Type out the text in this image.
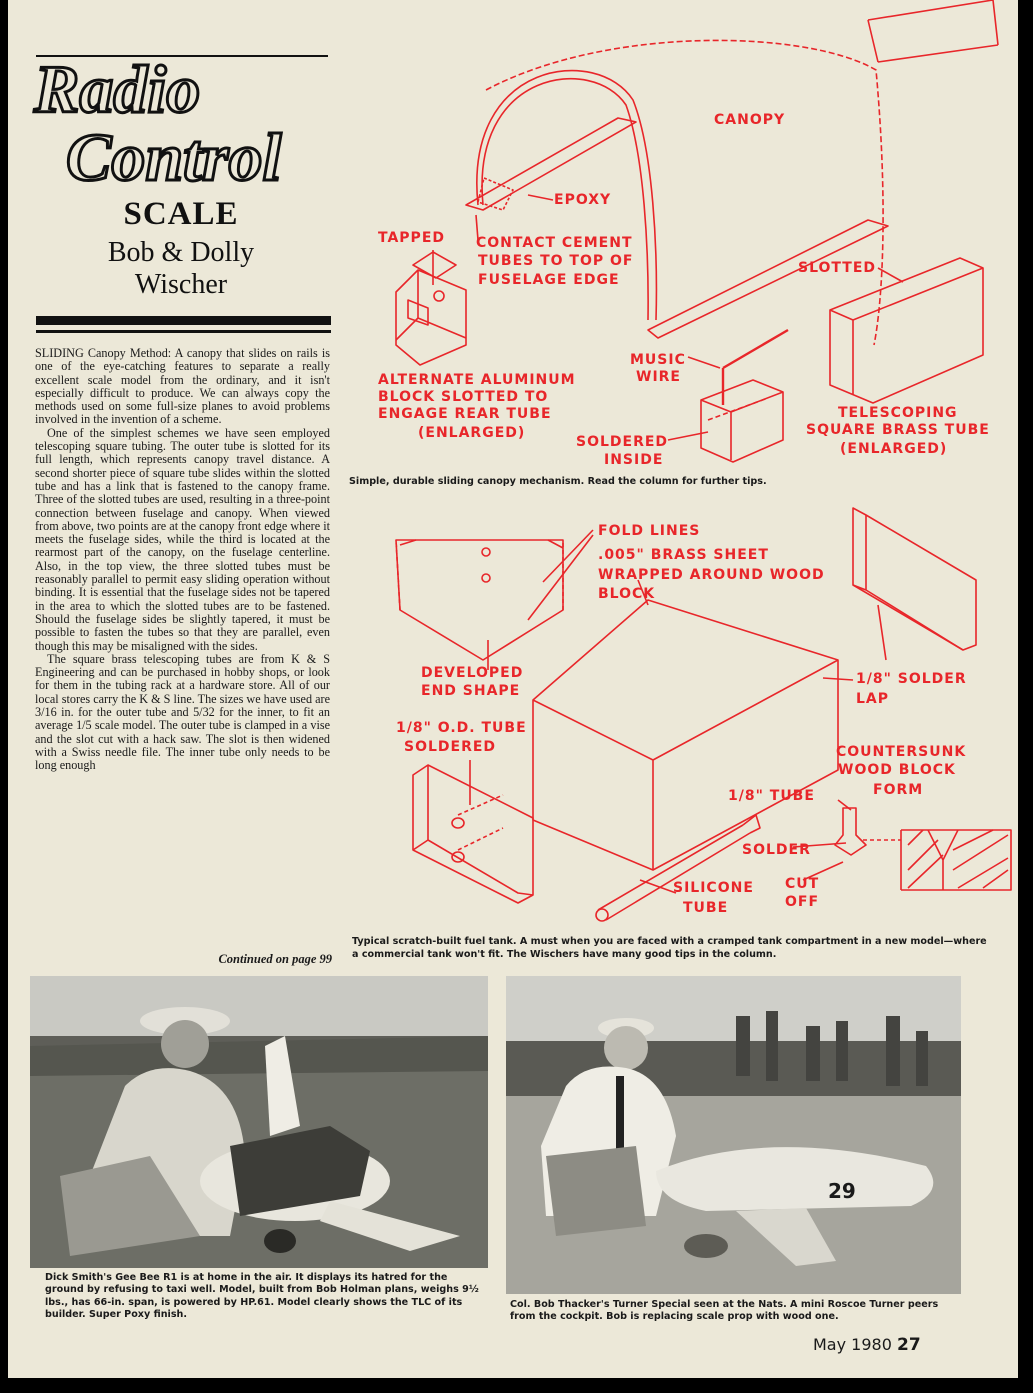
Radio
Control
SCALE
Bob & Dolly
Wischer

SLIDING Canopy Method: A canopy that slides on rails is one of the eye-catching features to separate a really excellent scale model from the ordinary, and it isn't especially difficult to produce. We can always copy the methods used on some full-size planes to avoid problems involved in the invention of a scheme.

One of the simplest schemes we have seen employed telescoping square tubing. The outer tube is slotted for its full length, which represents canopy travel distance. A second shorter piece of square tube slides within the slotted tube and has a link that is fastened to the canopy frame. Three of the slotted tubes are used, resulting in a three-point connection between fuselage and canopy. When viewed from above, two points are at the canopy front edge where it meets the fuselage sides, while the third is located at the rearmost part of the canopy, on the fuselage centerline. Also, in the top view, the three slotted tubes must be reasonably parallel to permit easy sliding operation without binding. It is essential that the fuselage sides not be tapered in the area to which the slotted tubes are to be fastened. Should the fuselage sides be slightly tapered, it must be possible to fasten the tubes so that they are parallel, even though this may be misaligned with the sides.

The square brass telescoping tubes are from K & S Engineering and can be purchased in hobby shops, or look for them in the tubing rack at a hardware store. All of our local stores carry the K & S line. The sizes we have used are 3/16 in. for the outer tube and 5/32 for the inner, to fit an average 1/5 scale model. The outer tube is clamped in a vise and the slot cut with a hack saw. The slot is then widened with a Swiss needle file. The inner tube only needs to be long enough

Continued on page 99
CANOPY
EPOXY
TAPPED CONTACT CEMENT
TUBES TO TOP OF
FUSELAGE EDGE
SLOTTED
MUSIC
WIRE
ALTERNATE ALUMINUM
BLOCK SLOTTED TO
ENGAGE REAR TUBE
(ENLARGED)
SOLDERED
INSIDE
TELESCOPING
SQUARE BRASS TUBE
(ENLARGED)
FOLD LINES
.005" BRASS SHEET
WRAPPED AROUND WOOD
BLOCK
DEVELOPED
END SHAPE
1/8" SOLDER
LAP
1/8" O.D. TUBE
SOLDERED	COUNTERSUNK
WOOD BLOCK
FORM
1/8" TUBE
SOLDER
CUT
OFF
SILICONE
TUBE
Simple, durable sliding canopy mechanism. Read the column for further tips.
Typical scratch-built fuel tank. A must when you are faced with a cramped tank compartment in a new model—where a commercial tank won't fit. The Wischers have many good tips in the column.
29
Dick Smith's Gee Bee R1 is at home in the air. It displays its hatred for the ground by refusing to taxi well. Model, built from Bob Holman plans, weighs 9½ lbs., has 66-in. span, is powered by HP.61. Model clearly shows the TLC of its builder. Super Poxy finish.
Col. Bob Thacker's Turner Special seen at the Nats. A mini Roscoe Turner peers from the cockpit. Bob is replacing scale prop with wood one.
May 1980 27
